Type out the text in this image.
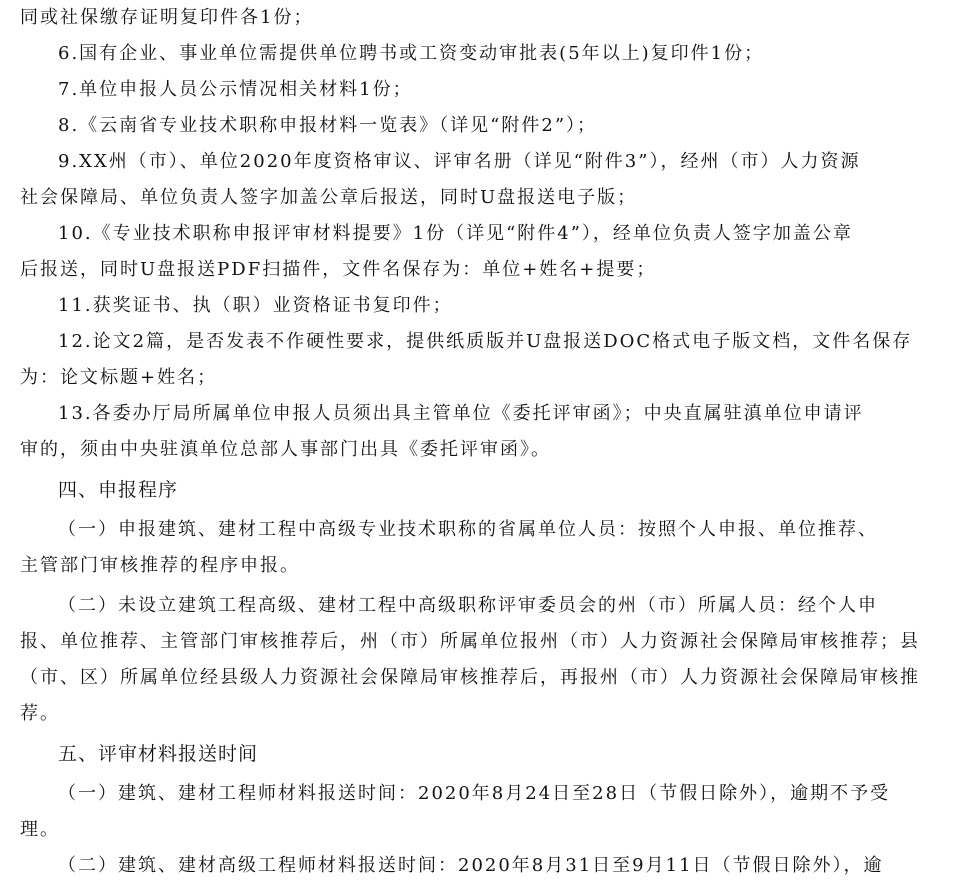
同或社保缴存证明复印件各1份；
6.国有企业、事业单位需提供单位聘书或工资变动审批表(5年以上)复印件1份；
7.单位申报人员公示情况相关材料1份；
8.《云南省专业技术职称申报材料一览表》（详见“附件2”）；
9.XX州（市）、单位2020年度资格审议、评审名册（详见“附件3”），经州（市）人力资源
社会保障局、单位负责人签字加盖公章后报送，同时U盘报送电子版；
10.《专业技术职称申报评审材料提要》1份（详见“附件4”），经单位负责人签字加盖公章
后报送，同时U盘报送PDF扫描件，文件名保存为：单位+姓名+提要；
11.获奖证书、执（职）业资格证书复印件；
12.论文2篇，是否发表不作硬性要求，提供纸质版并U盘报送DOC格式电子版文档，文件名保存
为：论文标题+姓名；
13.各委办厅局所属单位申报人员须出具主管单位《委托评审函》；中央直属驻滇单位申请评
审的，须由中央驻滇单位总部人事部门出具《委托评审函》。
四、申报程序
（一）申报建筑、建材工程中高级专业技术职称的省属单位人员：按照个人申报、单位推荐、
主管部门审核推荐的程序申报。
（二）未设立建筑工程高级、建材工程中高级职称评审委员会的州（市）所属人员：经个人申
报、单位推荐、主管部门审核推荐后，州（市）所属单位报州（市）人力资源社会保障局审核推荐；县
（市、区）所属单位经县级人力资源社会保障局审核推荐后，再报州（市）人力资源社会保障局审核推
荐。
五、评审材料报送时间
（一）建筑、建材工程师材料报送时间：2020年8月24日至28日（节假日除外），逾期不予受
理。
（二）建筑、建材高级工程师材料报送时间：2020年8月31日至9月11日（节假日除外），逾
